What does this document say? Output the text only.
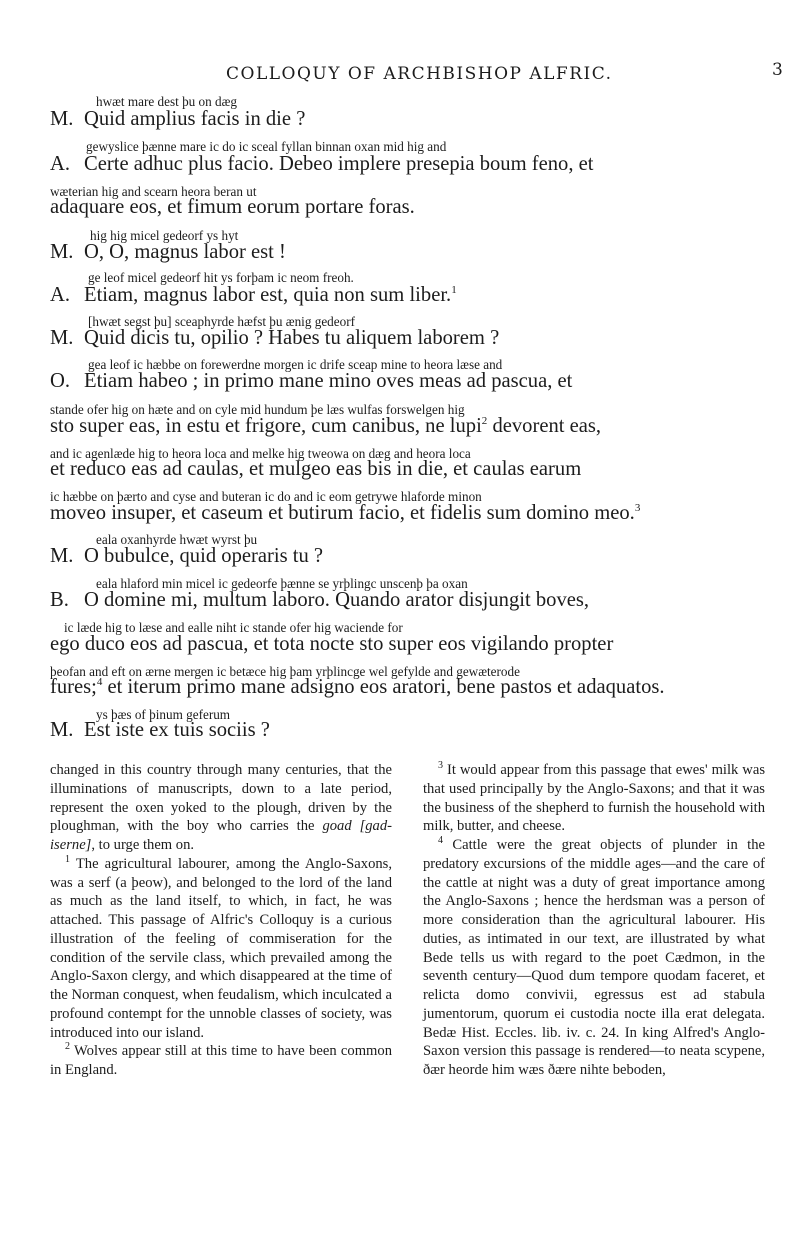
COLLOQUY OF ARCHBISHOP ALFRIC.	3
hwæt mare dest þu on dæg
M. Quid amplius facis in die ?
gewyslice þænne mare ic do ic sceal fyllan binnan oxan mid hig and
A. Certe adhuc plus facio. Debeo implere presepia boum feno, et
wæterian hig and scearn heora beran ut
adaquare eos, et fimum eorum portare foras.
hig hig micel gedeorf ys hyt
M. O, O, magnus labor est !
ge leof micel gedeorf hit ys forþam ic neom freoh.
A. Etiam, magnus labor est, quia non sum liber.$^1$
[hwæt segst þu] sceaphyrde hæfst þu ænig gedeorf
M. Quid dicis tu, opilio ? Habes tu aliquem laborem ?
gea leof ic hæbbe on forewerdne morgen ic drife sceap mine to heora læse and
O. Etiam habeo ; in primo mane mino oves meas ad pascua, et
stande ofer hig on hæte and on cyle mid hundum þe læs wulfas forswelgen hig
sto super eas, in estu et frigore, cum canibus, ne lupi$^2$ devorent eas,
and ic agenlæde hig to heora loca and melke hig tweowa on dæg and heora loca
et reduco eas ad caulas, et mulgeo eas bis in die, et caulas earum
ic hæbbe on þærto and cyse and buteran ic do and ic eom getrywe hlaforde minon
moveo insuper, et caseum et butirum facio, et fidelis sum domino meo.$^3$
eala oxanhyrde hwæt wyrst þu
M. O bubulce, quid operaris tu ?
eala hlaford min micel ic gedeorfe þænne se yrþlingc unscenþ þa oxan
B. O domine mi, multum laboro. Quando arator disjungit boves,
ic læde hig to læse and ealle niht ic stande ofer hig waciende for
ego duco eos ad pascua, et tota nocte sto super eos vigilando propter
þeofan and eft on ærne mergen ic betæce hig þam yrþlincge wel gefylde and gewæterode
fures;$^4$ et iterum primo mane adsigno eos aratori, bene pastos et adaquatos.
ys þæs of þinum geferum
M. Est iste ex tuis sociis ?

changed in this country through many centuries, that the illuminations of manuscripts, down to a late period, represent the oxen yoked to the plough, driven by the ploughman, with the boy who carries the goad [gad-iserne], to urge them on.

$^1$ The agricultural labourer, among the Anglo-Saxons, was a serf (a þeow), and belonged to the lord of the land as much as the land itself, to which, in fact, he was attached. This passage of Alfric's Colloquy is a curious illustration of the feeling of commiseration for the condition of the servile class, which prevailed among the Anglo-Saxon clergy, and which disappeared at the time of the Norman conquest, when feudalism, which inculcated a profound contempt for the unnoble classes of society, was introduced into our island.

$^2$ Wolves appear still at this time to have been common in England.

$^3$ It would appear from this passage that ewes' milk was that used principally by the Anglo-Saxons; and that it was the business of the shepherd to furnish the household with milk, butter, and cheese.

$^4$ Cattle were the great objects of plunder in the predatory excursions of the middle ages—and the care of the cattle at night was a duty of great importance among the Anglo-Saxons ; hence the herdsman was a person of more consideration than the agricultural labourer. His duties, as intimated in our text, are illustrated by what Bede tells us with regard to the poet Cædmon, in the seventh century—Quod dum tempore quodam faceret, et relicta domo convivii, egressus est ad stabula jumentorum, quorum ei custodia nocte illa erat delegata. Bedæ Hist. Eccles. lib. iv. c. 24. In king Alfred's Anglo-Saxon version this passage is rendered—to neata scypene, ðær heorde him wæs ðære nihte beboden,
